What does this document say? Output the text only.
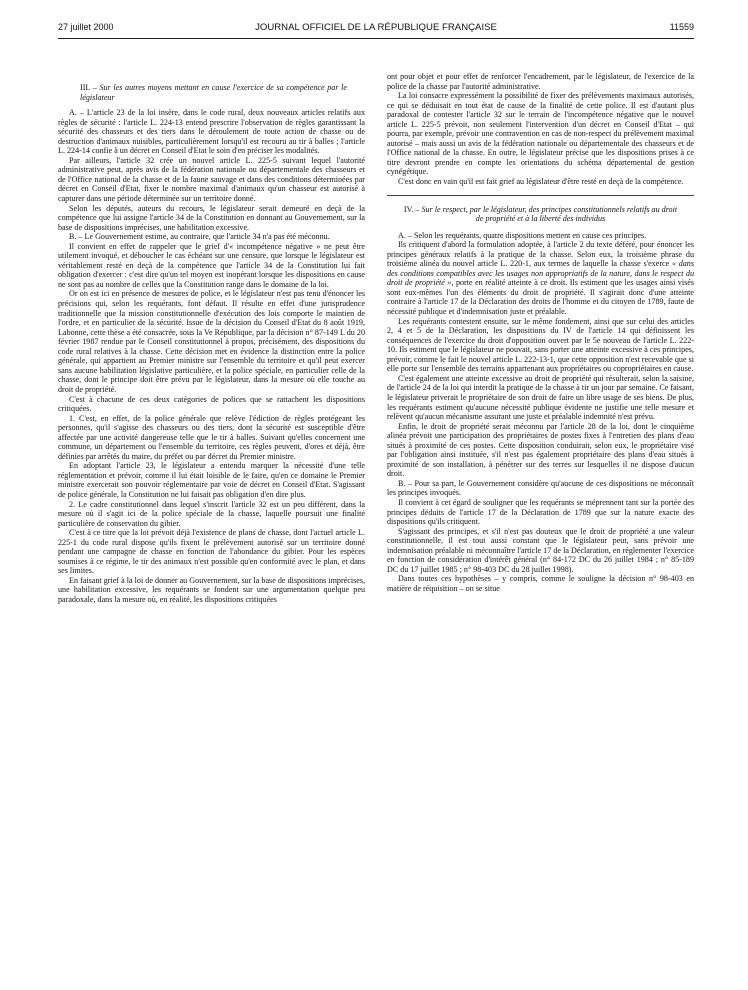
27 juillet 2000	JOURNAL OFFICIEL DE LA RÉPUBLIQUE FRANÇAISE	11559

III. – Sur les autres moyens mettant en cause l'exercice de sa compétence par le législateur

A. – L'article 23 de la loi insère, dans le code rural, deux nouveaux articles relatifs aux règles de sécurité : l'article L. 224-13 entend prescrire l'observation de règles garantissant la sécurité des chasseurs et des tiers dans le déroulement de toute action de chasse ou de destruction d'animaux nuisibles, particulièrement lorsqu'il est recouru au tir à balles ; l'article L. 224-14 confie à un décret en Conseil d'Etat le soin d'en préciser les modalités.

Par ailleurs, l'article 32 crée un nouvel article L. 225-5 suivant lequel l'autorité administrative peut, après avis de la fédération nationale ou départementale des chasseurs et de l'Office national de la chasse et de la faune sauvage et dans des conditions déterminées par décret en Conseil d'Etat, fixer le nombre maximal d'animaux qu'un chasseur est autorisé à capturer dans une période déterminée sur un territoire donné.

Selon les députés, auteurs du recours, le législateur serait demeuré en deçà de la compétence que lui assigne l'article 34 de la Constitution en donnant au Gouvernement, sur la base de dispositions imprécises, une habilitation excessive.

B. – Le Gouvernement estime, au contraire, que l'article 34 n'a pas été méconnu.

Il convient en effet de rappeler que le grief d'« incompétence négative » ne peut être utilement invoqué, et déboucher le cas échéant sur une censure, que lorsque le législateur est véritablement resté en deçà de la compétence que l'article 34 de la Constitution lui fait obligation d'exercer : c'est dire qu'un tel moyen est inopérant lorsque les dispositions en cause ne sont pas au nombre de celles que la Constitution range dans le domaine de la loi.

Or on est ici en présence de mesures de police, et le législateur n'est pas tenu d'énoncer les précisions qui, selon les requérants, font défaut. Il résulte en effet d'une jurisprudence traditionnelle que la mission constitutionnelle d'exécution des lois comporte le maintien de l'ordre, et en particulier de la sécurité. Issue de la décision du Conseil d'Etat du 8 août 1919, Labonne, cette thèse a été consacrée, sous la Ve République, par la décision n° 87-149 L du 20 février 1987 rendue par le Conseil constitutionnel à propos, précisément, des dispositions du code rural relatives à la chasse. Cette décision met en évidence la distinction entre la police générale, qui appartient au Premier ministre sur l'ensemble du territoire et qu'il peut exercer sans aucune habilitation législative particulière, et la police spéciale, en particulier celle de la chasse, dont le principe doit être prévu par le législateur, dans la mesure où elle touche au droit de propriété.

C'est à chacune de ces deux catégories de polices que se rattachent les dispositions critiquées.

1. C'est, en effet, de la police générale que relève l'édiction de règles protégeant les personnes, qu'il s'agisse des chasseurs ou des tiers, dont la sécurité est susceptible d'être affectée par une activité dangereuse telle que le tir à balles. Suivant qu'elles concernent une commune, un département ou l'ensemble du territoire, ces règles peuvent, d'ores et déjà, être définies par arrêtés du maire, du préfet ou par décret du Premier ministre.

En adoptant l'article 23, le législateur a entendu marquer la nécessité d'une telle réglementation et prévoir, comme il lui était loisible de le faire, qu'en ce domaine le Premier ministre exercerait son pouvoir réglementaire par voie de décret en Conseil d'Etat. S'agissant de police générale, la Constitution ne lui faisait pas obligation d'en dire plus.

2. Le cadre constitutionnel dans lequel s'inscrit l'article 32 est un peu différent, dans la mesure où il s'agit ici de la police spéciale de la chasse, laquelle poursuit une finalité particulière de conservation du gibier.

C'est à ce titre que la loi prévoit déjà l'existence de plans de chasse, dont l'actuel article L. 225-1 du code rural dispose qu'ils fixent le prélèvement autorisé sur un territoire donné pendant une campagne de chasse en fonction de l'abondance du gibier. Pour les espèces soumises à ce régime, le tir des animaux n'est possible qu'en conformité avec le plan, et dans ses limites.

En faisant grief à la loi de donner au Gouvernement, sur la base de dispositions imprécises, une habilitation excessive, les requérants se fondent sur une argumentation quelque peu paradoxale, dans la mesure où, en réalité, les dispositions critiquées

ont pour objet et pour effet de renforcer l'encadrement, par le législateur, de l'exercice de la police de la chasse par l'autorité administrative.

La loi consacre expressément la possibilité de fixer des prélèvements maximaux autorisés, ce qui se déduisait en tout état de cause de la finalité de cette police. Il est d'autant plus paradoxal de contester l'article 32 sur le terrain de l'incompétence négative que le nouvel article L. 225-5 prévoit, non seulement l'intervention d'un décret en Conseil d'Etat – qui pourra, par exemple, prévoir une contravention en cas de non-respect du prélèvement maximal autorisé – mais aussi un avis de la fédération nationale ou départementale des chasseurs et de l'Office national de la chasse. En outre, le législateur précise que les dispositions prises à ce titre devront prendre en compte les orientations du schéma départemental de gestion cynégétique.

C'est donc en vain qu'il est fait grief au législateur d'être resté en deçà de la compétence.

IV. – Sur le respect, par le législateur, des principes constitutionnels relatifs au droit de propriété et à la liberté des individus

A. – Selon les requérants, quatre dispositions mettent en cause ces principes.

Ils critiquent d'abord la formulation adoptée, à l'article 2 du texte déféré, pour énoncer les principes généraux relatifs à la pratique de la chasse. Selon eux, la troisième phrase du troisième alinéa du nouvel article L. 220-1, aux termes de laquelle la chasse s'exerce « dans des conditions compatibles avec les usages non appropriatifs de la nature, dans le respect du droit de propriété », porte en réalité atteinte à ce droit. Ils estiment que les usages ainsi visés sont eux-mêmes l'un des éléments du droit de propriété. Il s'agirait donc d'une atteinte contraire à l'article 17 de la Déclaration des droits de l'homme et du citoyen de 1789, faute de nécessité publique et d'indemnisation juste et préalable.

Les requérants contestent ensuite, sur le même fondement, ainsi que sur celui des articles 2, 4 et 5 de la Déclaration, les dispositions du IV de l'article 14 qui définissent les conséquences de l'exercice du droit d'opposition ouvert par le 5e nouveau de l'article L. 222-10. Ils estiment que le législateur ne pouvait, sans porter une atteinte excessive à ces principes, prévoir, comme le fait le nouvel article L. 222-13-1, que cette opposition n'est recevable que si elle porte sur l'ensemble des terrains appartenant aux propriétaires ou copropriétaires en cause.

C'est également une atteinte excessive au droit de propriété qui résulterait, selon la saisine, de l'article 24 de la loi qui interdit la pratique de la chasse à tir un jour par semaine. Ce faisant, le législateur priverait le propriétaire de son droit de faire un libre usage de ses biens. De plus, les requérants estiment qu'aucune nécessité publique évidente ne justifie une telle mesure et relèvent qu'aucun mécanisme assurant une juste et préalable indemnité n'est prévu.

Enfin, le droit de propriété serait méconnu par l'article 28 de la loi, dont le cinquième alinéa prévoit une participation des propriétaires de postes fixes à l'entretien des plans d'eau situés à proximité de ces postes. Cette disposition conduirait, selon eux, le propriétaire visé par l'obligation ainsi instituée, s'il n'est pas également propriétaire des plans d'eau situés à proximité de son installation, à pénétrer sur des terres sur lesquelles il ne dispose d'aucun droit.

B. – Pour sa part, le Gouvernement considère qu'aucune de ces dispositions ne méconnaît les principes invoqués.

Il convient à cet égard de souligner que les requérants se méprennent tant sur la portée des principes déduits de l'article 17 de la Déclaration de 1789 que sur la nature exacte des dispositions qu'ils critiquent.

S'agissant des principes, et s'il n'est pas douteux que le droit de propriété a une valeur constitutionnelle, il est tout aussi constant que le législateur peut, sans prévoir une indemnisation préalable ni méconnaître l'article 17 de la Déclaration, en réglementer l'exercice en fonction de considération d'intérêt général (n° 84-172 DC du 26 juillet 1984 ; n° 85-189 DC du 17 juillet 1985 ; n° 98-403 DC du 28 juillet 1998).

Dans toutes ces hypothèses – y compris, comme le souligne la décision n° 98-403 en matière de réquisition – on se situe
